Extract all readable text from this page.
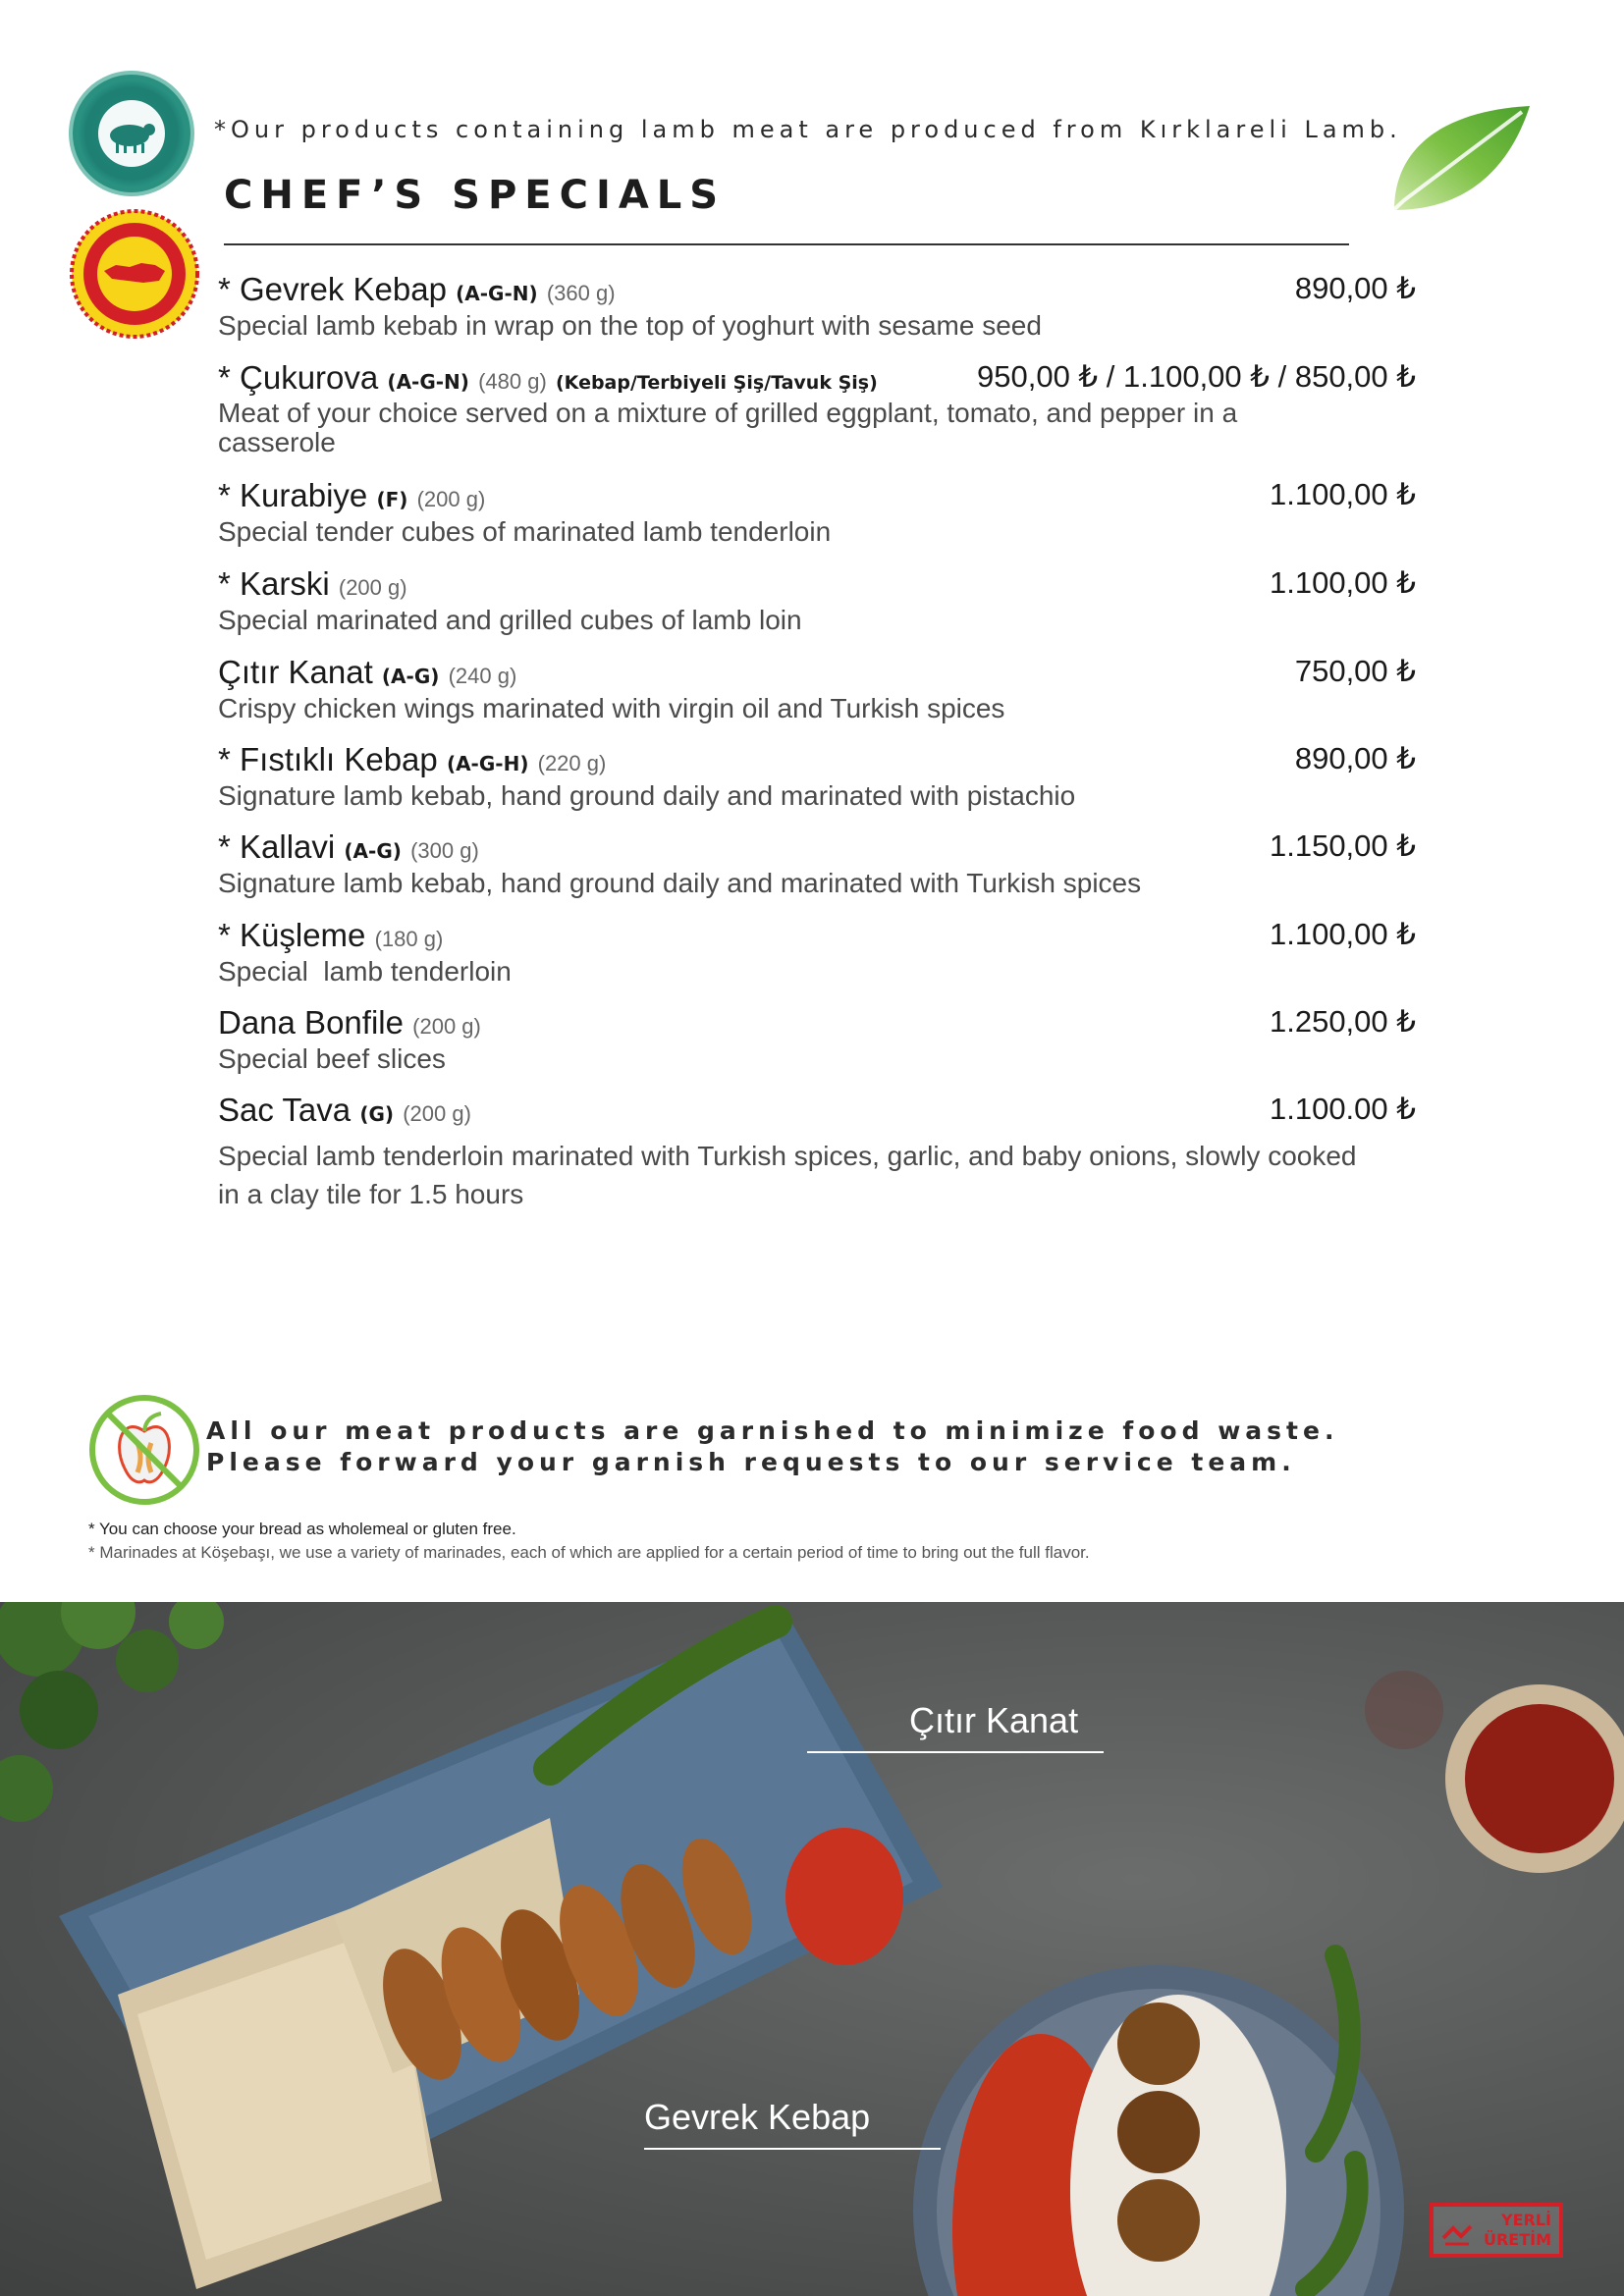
*Our products containing lamb meat are produced from Kırklareli Lamb.
CHEF’S SPECIALS
* Gevrek Kebap (A-G-N) (360 g)	890,00 ₺
Special lamb kebab in wrap on the top of yoghurt with sesame seed
* Çukurova (A-G-N) (480 g) (Kebap/Terbiyeli Şiş/Tavuk Şiş)	950,00 ₺ / 1.100,00 ₺ / 850,00 ₺
Meat of your choice served on a mixture of grilled eggplant, tomato, and pepper in a casserole
* Kurabiye (F) (200 g)	1.100,00 ₺
Special tender cubes of marinated lamb tenderloin
* Karski (200 g)	1.100,00 ₺
Special marinated and grilled cubes of lamb loin
Çıtır Kanat (A-G) (240 g)	750,00 ₺
Crispy chicken wings marinated with virgin oil and Turkish spices
* Fıstıklı Kebap (A-G-H) (220 g)	890,00 ₺
Signature lamb kebab, hand ground daily and marinated with pistachio
* Kallavi (A-G) (300 g)	1.150,00 ₺
Signature lamb kebab, hand ground daily and marinated with Turkish spices
* Küşleme (180 g)	1.100,00 ₺
Special  lamb tenderloin
Dana Bonfile (200 g)	1.250,00 ₺
Special beef slices
Sac Tava (G) (200 g)	1.100.00 ₺
Special lamb tenderloin marinated with Turkish spices, garlic, and baby onions, slowly cooked in a clay tile for 1.5 hours
All our meat products are garnished to minimize food waste.
Please forward your garnish requests to our service team.
* You can choose your bread as wholemeal or gluten free.
* Marinades at Köşebaşı, we use a variety of marinades, each of which are applied for a certain period of time to bring out the full flavor.
Çıtır Kanat
Gevrek Kebap
YERLİ
ÜRETİM
